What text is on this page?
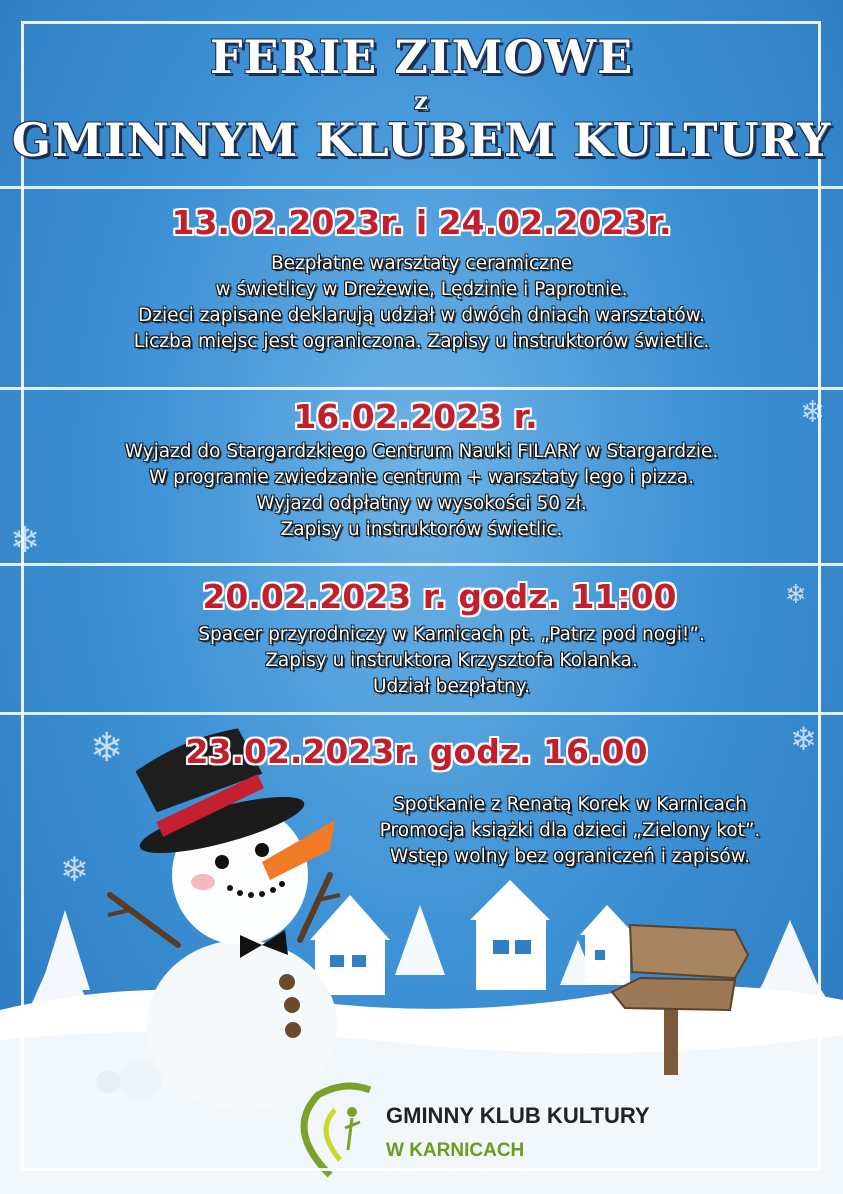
❄	❄
❄
❄
❄
❄
FERIE ZIMOWE
z
GMINNYM KLUBEM KULTURY
13.02.2023r. i 24.02.2023r.
Bezpłatne warsztaty ceramiczne
w świetlicy w Dreżewie, Lędzinie i Paprotnie.
Dzieci zapisane deklarują udział w dwóch dniach warsztatów.
Liczba miejsc jest ograniczona. Zapisy u instruktorów świetlic.
16.02.2023 r.
Wyjazd do Stargardzkiego Centrum Nauki FILARY w Stargardzie.
W programie zwiedzanie centrum + warsztaty lego i pizza.
Wyjazd odpłatny w wysokości 50 zł.
Zapisy u instruktorów świetlic.
20.02.2023 r. godz. 11:00
Spacer przyrodniczy w Karnicach pt. „Patrz pod nogi!”.
Zapisy u instruktora Krzysztofa Kolanka.
Udział bezpłatny.
23.02.2023r. godz. 16.00
Spotkanie z Renatą Korek w Karnicach
Promocja książki dla dzieci „Zielony kot”.
Wstęp wolny bez ograniczeń i zapisów.
GMINNY KLUB KULTURY
W KARNICACH
